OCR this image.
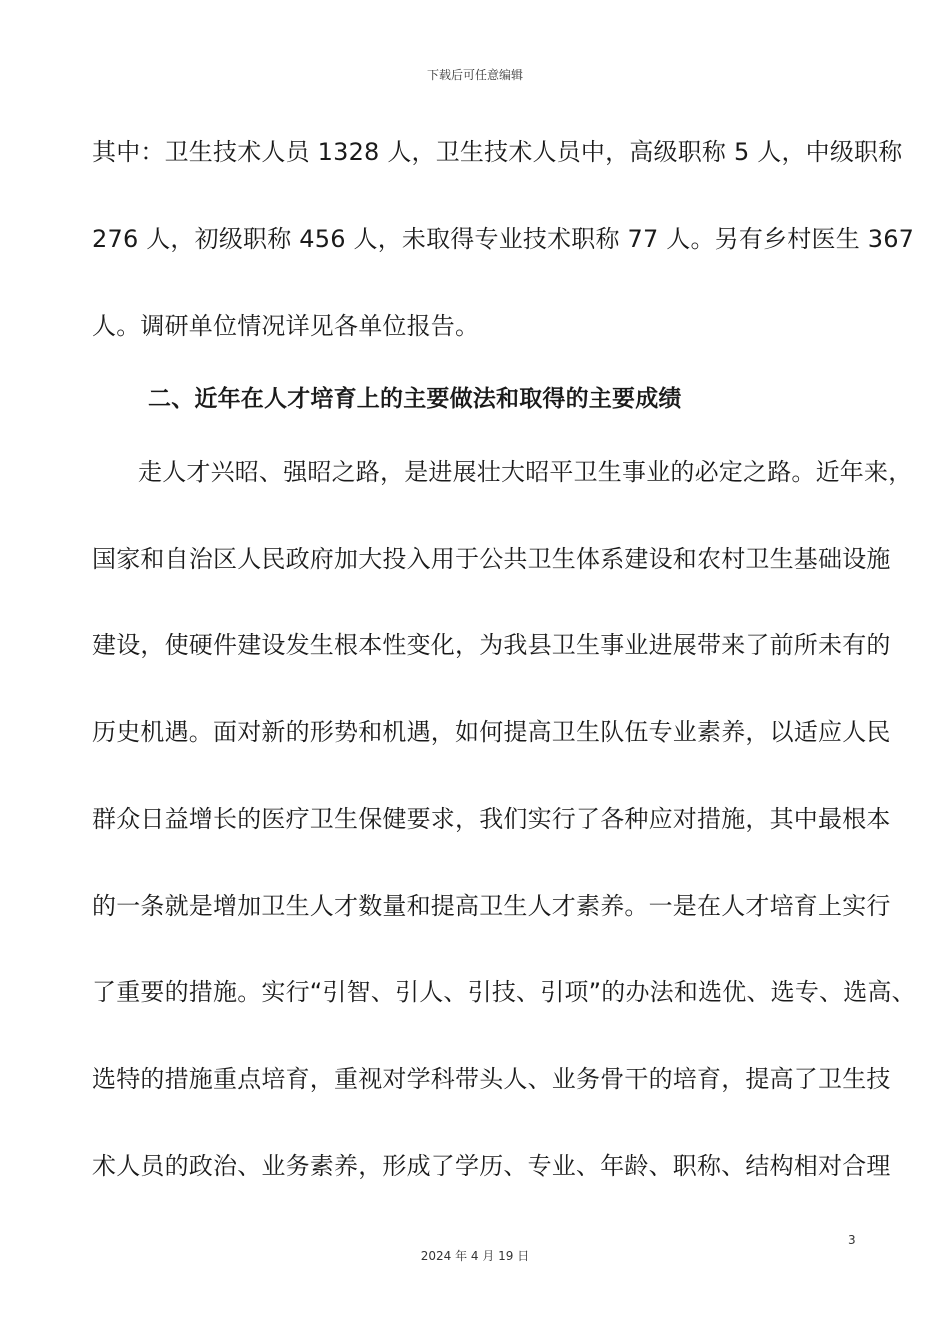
下载后可任意编辑
其中：卫生技术人员 1328 人，卫生技术人员中，高级职称 5 人，中级职称
276 人，初级职称 456 人，未取得专业技术职称 77 人。另有乡村医生 367
人。调研单位情况详见各单位报告。
二、近年在人才培育上的主要做法和取得的主要成绩
走人才兴昭、强昭之路，是进展壮大昭平卫生事业的必定之路。近年来，
国家和自治区人民政府加大投入用于公共卫生体系建设和农村卫生基础设施
建设，使硬件建设发生根本性变化，为我县卫生事业进展带来了前所未有的
历史机遇。面对新的形势和机遇，如何提高卫生队伍专业素养，以适应人民
群众日益增长的医疗卫生保健要求，我们实行了各种应对措施，其中最根本
的一条就是增加卫生人才数量和提高卫生人才素养。一是在人才培育上实行
了重要的措施。实行“引智、引人、引技、引项”的办法和选优、选专、选高、
选特的措施重点培育，重视对学科带头人、业务骨干的培育，提高了卫生技
术人员的政治、业务素养，形成了学历、专业、年龄、职称、结构相对合理
3
2024 年 4 月 19 日
